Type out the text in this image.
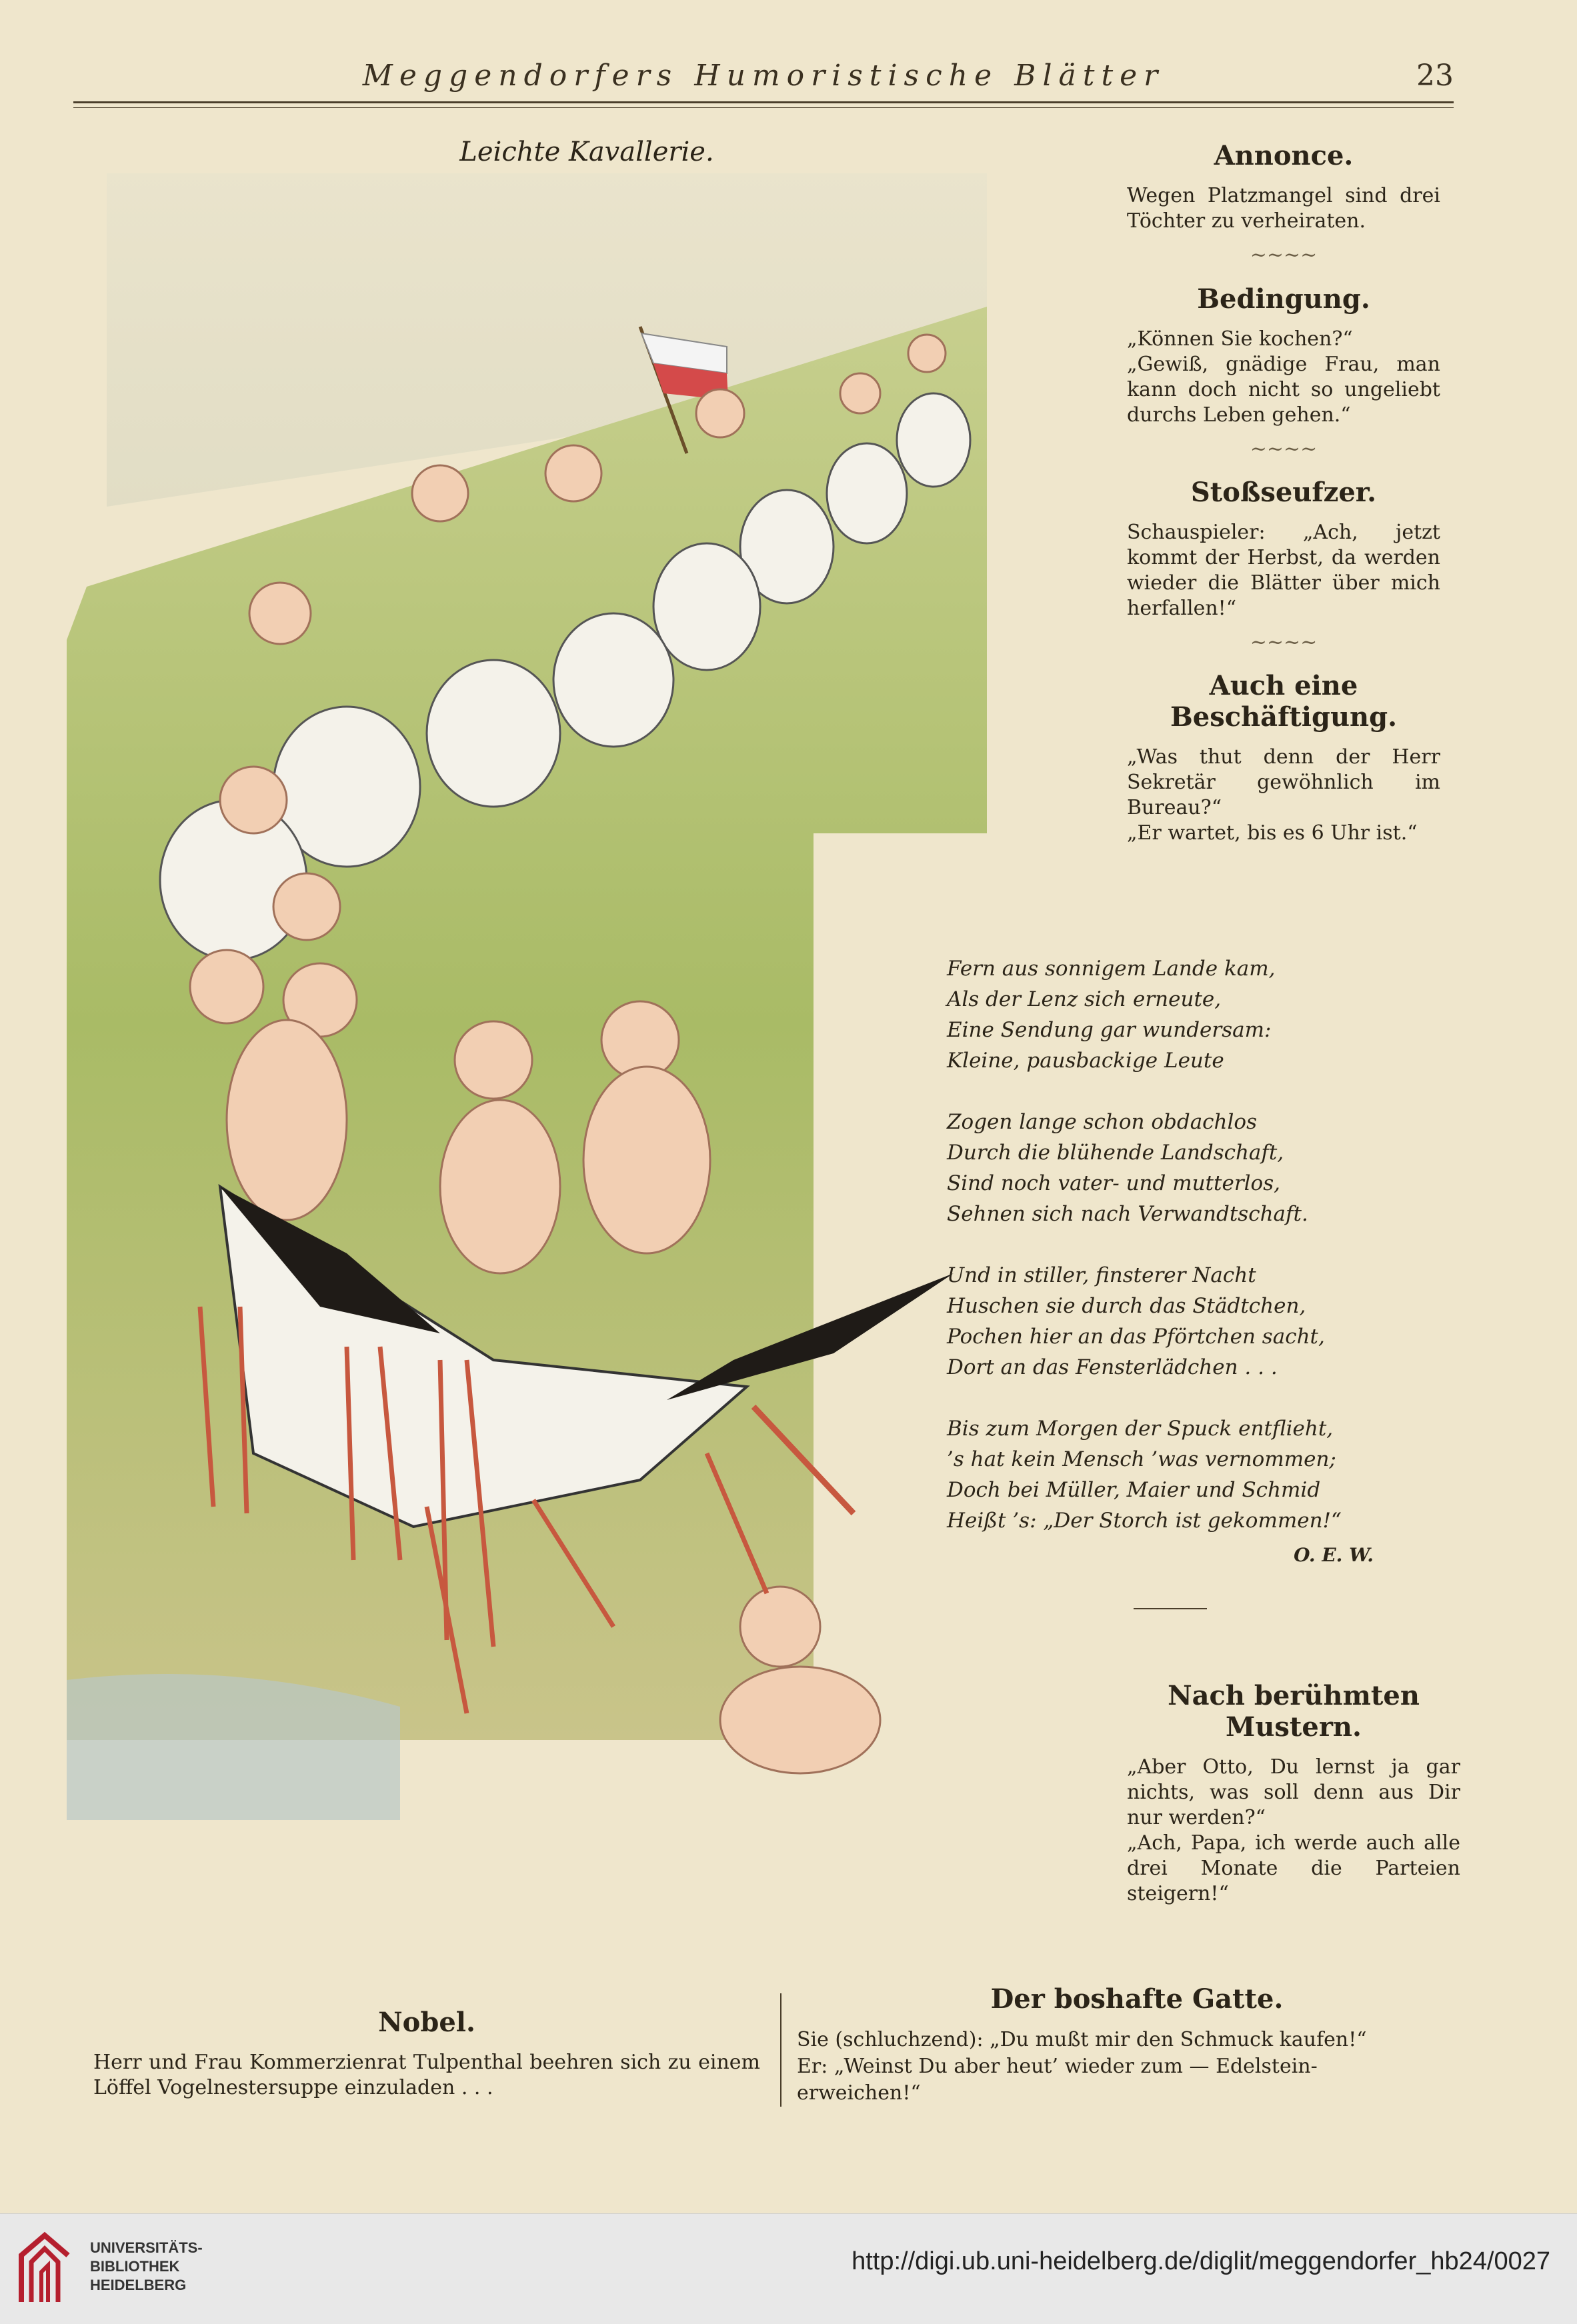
Meggendorfers Humoristische Blätter	23
Leichte Kavallerie.	Annonce.
Wegen Platzmangel sind drei Töchter zu verheiraten.
~~~~
Bedingung.
„Können Sie kochen?“
„Gewiß, gnädige Frau, man kann doch nicht so ungeliebt durchs Leben gehen.“
~~~~
Stoßseufzer.
Schauspieler: „Ach, jetzt kommt der Herbst, da werden wieder die Blätter über mich herfallen!“
~~~~
Auch eine Beschäftigung.
„Was thut denn der Herr Sekretär gewöhnlich im Bureau?“
„Er wartet, bis es 6 Uhr ist.“
Fern aus sonnigem Lande kam,
Als der Lenz sich erneute,
Eine Sendung gar wundersam:
Kleine, pausbackige Leute
Zogen lange schon obdachlos
Durch die blühende Landschaft,
Sind noch vater- und mutterlos,
Sehnen sich nach Verwandtschaft.
Und in stiller, finsterer Nacht
Huschen sie durch das Städtchen,
Pochen hier an das Pförtchen sacht,
Dort an das Fensterlädchen . . .
Bis zum Morgen der Spuck entflieht,
’s hat kein Mensch ’was vernommen;
Doch bei Müller, Maier und Schmid
Heißt ’s: „Der Storch ist gekommen!“
O. E. W.
Nach berühmten Mustern.
„Aber Otto, Du lernst ja gar nichts, was soll denn aus Dir nur werden?“
„Ach, Papa, ich werde auch alle drei Monate die Parteien steigern!“
Nobel.
Herr und Frau Kommerzienrat Tulpenthal beehren sich zu einem Löffel Vogelnestersuppe einzuladen . . .
Der boshafte Gatte.
Sie (schluchzend): „Du mußt mir den Schmuck kaufen!“
Er: „Weinst Du aber heut’ wieder zum — Edelstein-
erweichen!“
UNIVERSITÄTS-
BIBLIOTHEK
HEIDELBERG
http://digi.ub.uni-heidelberg.de/diglit/meggendorfer_hb24/0027
